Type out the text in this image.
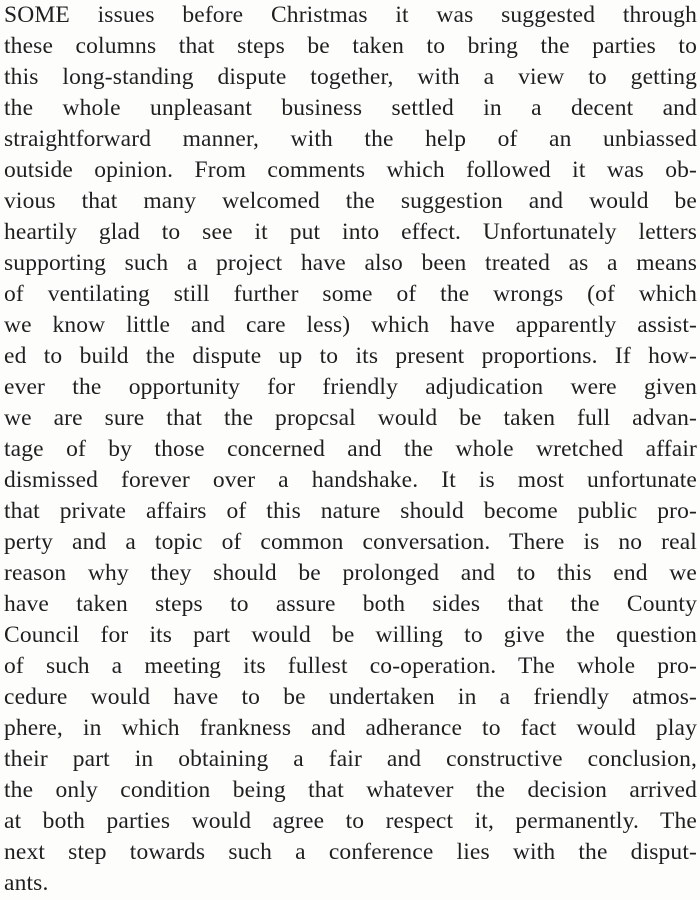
SOME issues before Christmas it was suggested through
these columns that steps be taken to bring the parties to
this long-standing dispute together, with a view to getting
the whole unpleasant business settled in a decent and
straightforward manner, with the help of an unbiassed
outside opinion. From comments which followed it was ob-
vious that many welcomed the suggestion and would be
heartily glad to see it put into effect. Unfortunately letters
supporting such a project have also been treated as a means
of ventilating still further some of the wrongs (of which
we know little and care less) which have apparently assist-
ed to build the dispute up to its present proportions. If how-
ever the opportunity for friendly adjudication were given
we are sure that the propcsal would be taken full advan-
tage of by those concerned and the whole wretched affair
dismissed forever over a handshake. It is most unfortunate
that private affairs of this nature should become public pro-
perty and a topic of common conversation. There is no real
reason why they should be prolonged and to this end we
have taken steps to assure both sides that the County
Council for its part would be willing to give the question
of such a meeting its fullest co-operation. The whole pro-
cedure would have to be undertaken in a friendly atmos-
phere, in which frankness and adherance to fact would play
their part in obtaining a fair and constructive conclusion,
the only condition being that whatever the decision arrived
at both parties would agree to respect it, permanently. The
next step towards such a conference lies with the disput-
ants.
